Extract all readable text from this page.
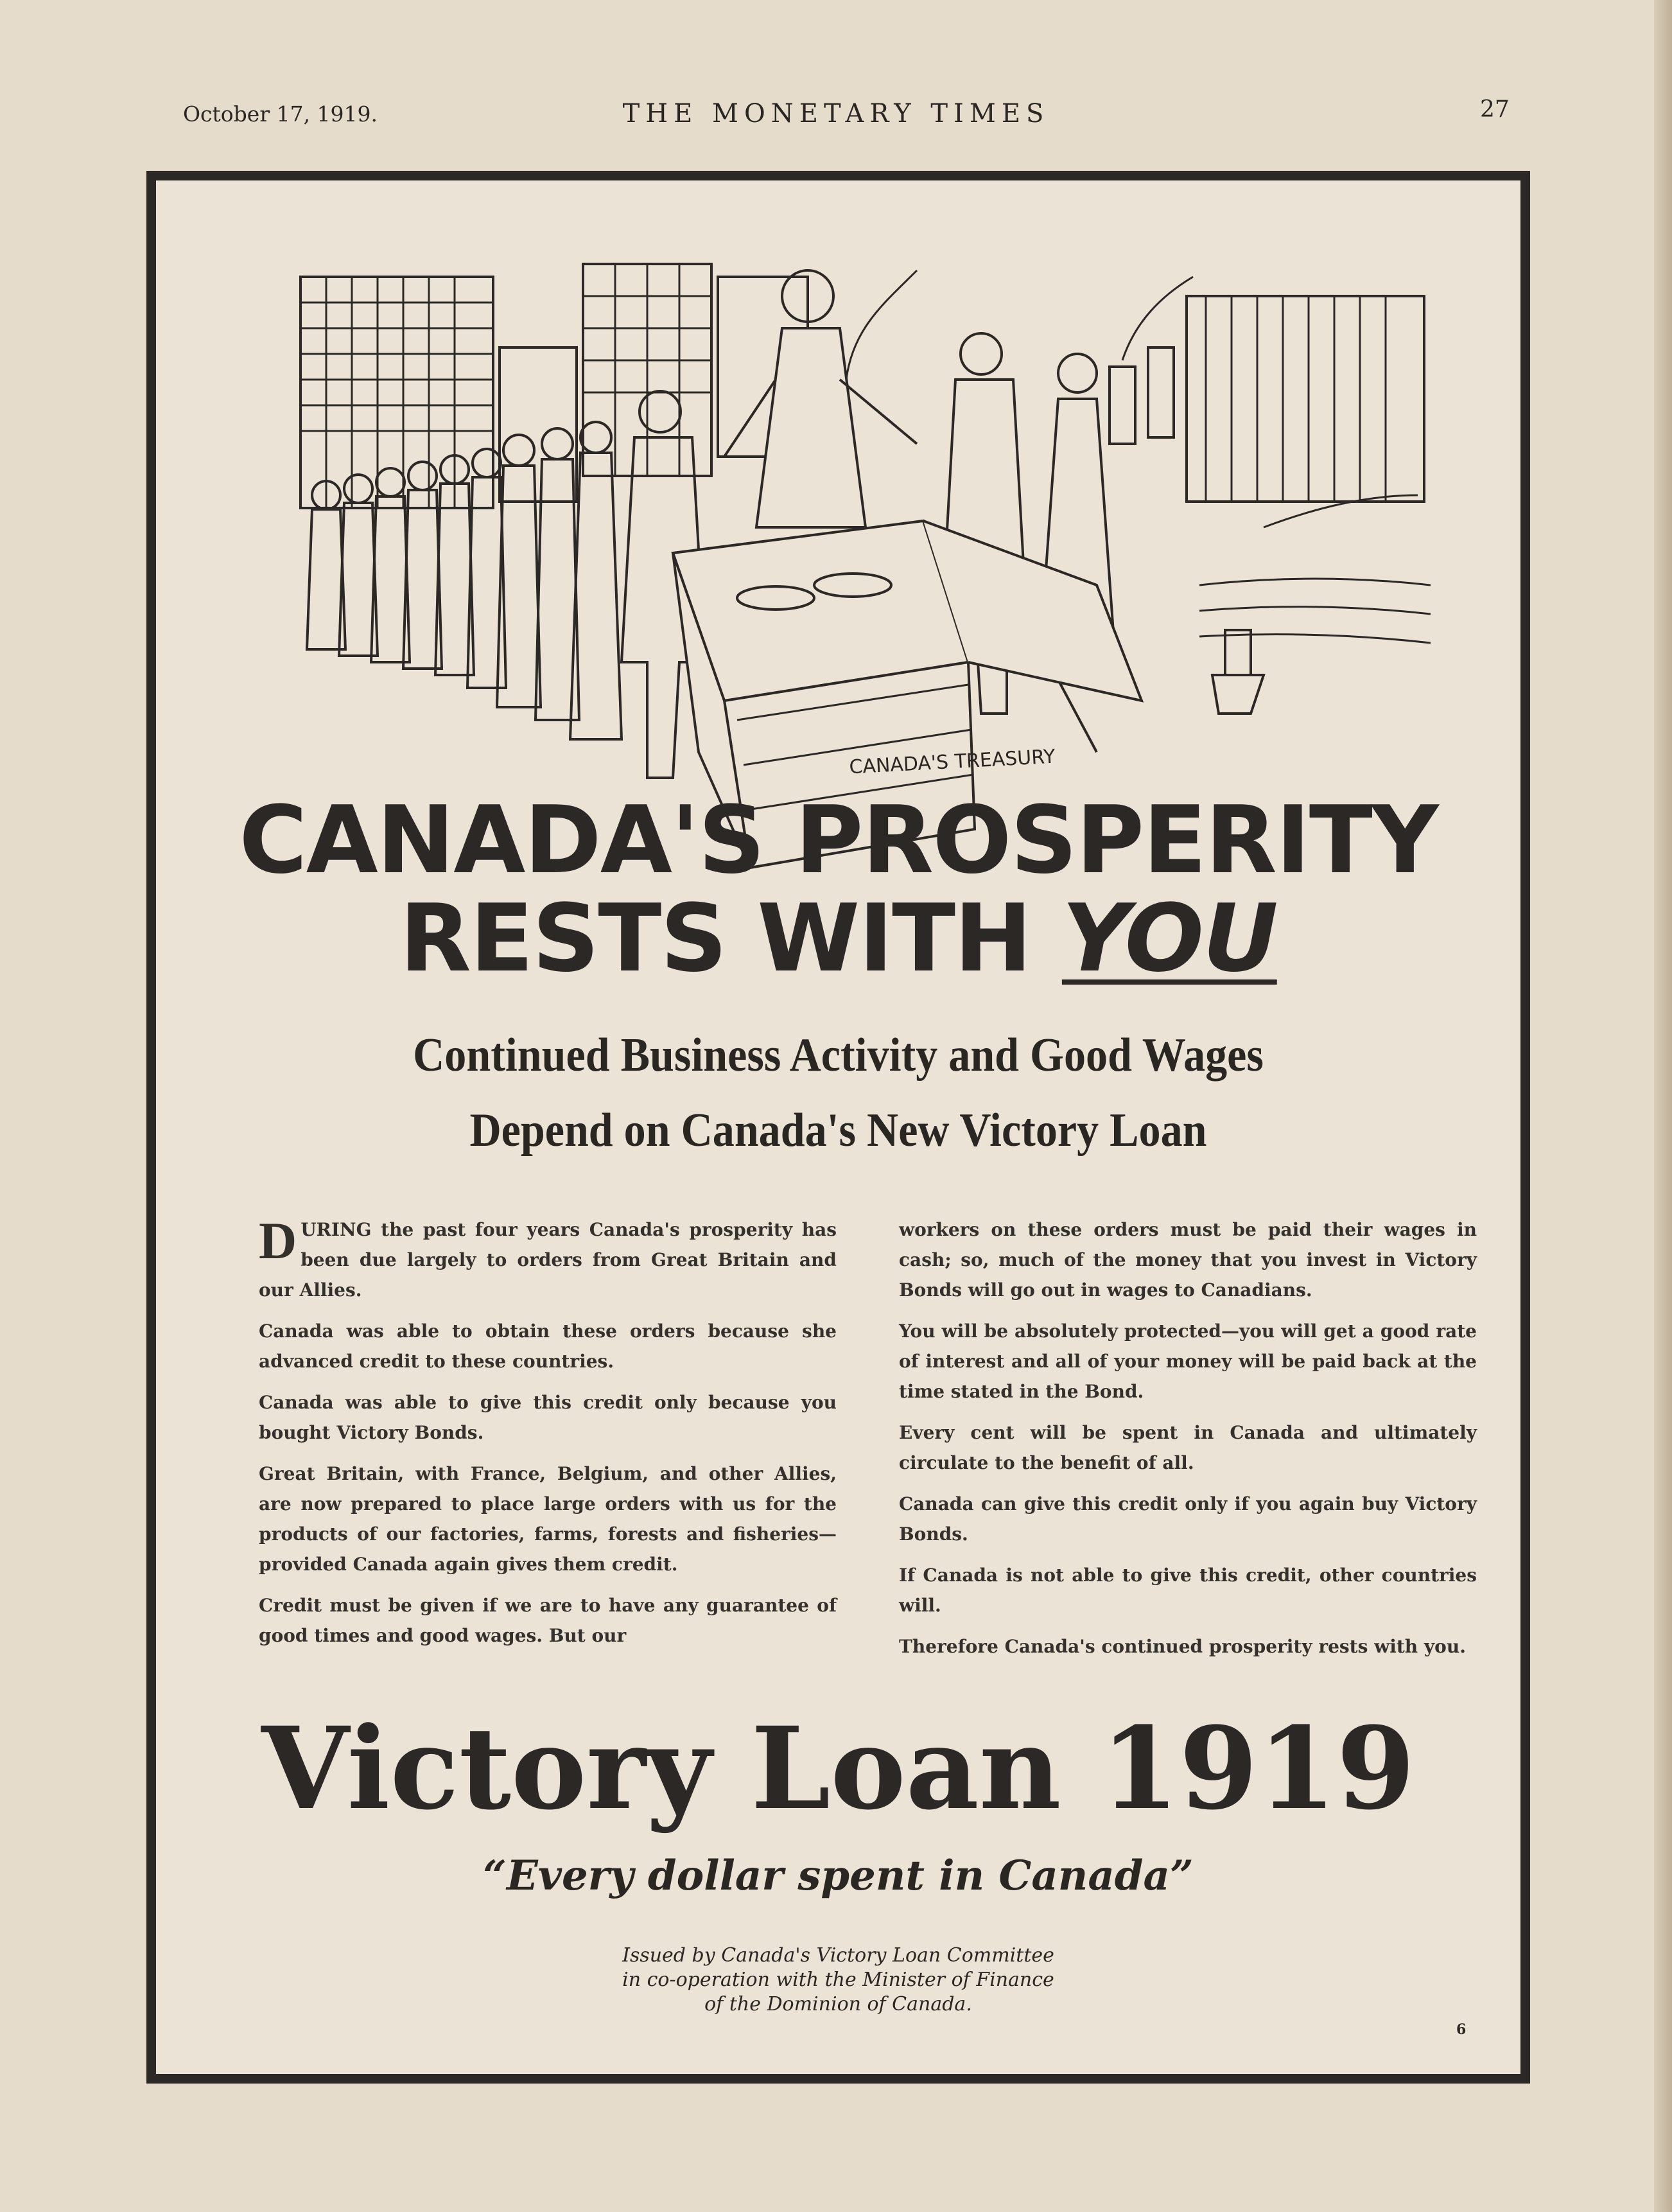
October 17, 1919.	THE MONETARY TIMES	27
CANADA'S TREASURY
CANADA'S PROSPERITY
RESTS WITH YOU
Continued Business Activity and Good Wages
Depend on Canada's New Victory Loan

DURING the past four years Canada's prosperity has been due largely to orders from Great Britain and our Allies.

Canada was able to obtain these orders because she advanced credit to these countries.

Canada was able to give this credit only because you bought Victory Bonds.

Great Britain, with France, Belgium, and other Allies, are now prepared to place large orders with us for the products of our factories, farms, forests and fisheries—provided Canada again gives them credit.

Credit must be given if we are to have any guarantee of good times and good wages. But our

workers on these orders must be paid their wages in cash; so, much of the money that you invest in Victory Bonds will go out in wages to Canadians.

You will be absolutely protected—you will get a good rate of interest and all of your money will be paid back at the time stated in the Bond.

Every cent will be spent in Canada and ultimately circulate to the benefit of all.

Canada can give this credit only if you again buy Victory Bonds.

If Canada is not able to give this credit, other countries will.

Therefore Canada's continued prosperity rests with you.

Victory Loan 1919
“Every dollar spent in Canada”
Issued by Canada's Victory Loan Committee
in co-operation with the Minister of Finance
of the Dominion of Canada.
6
